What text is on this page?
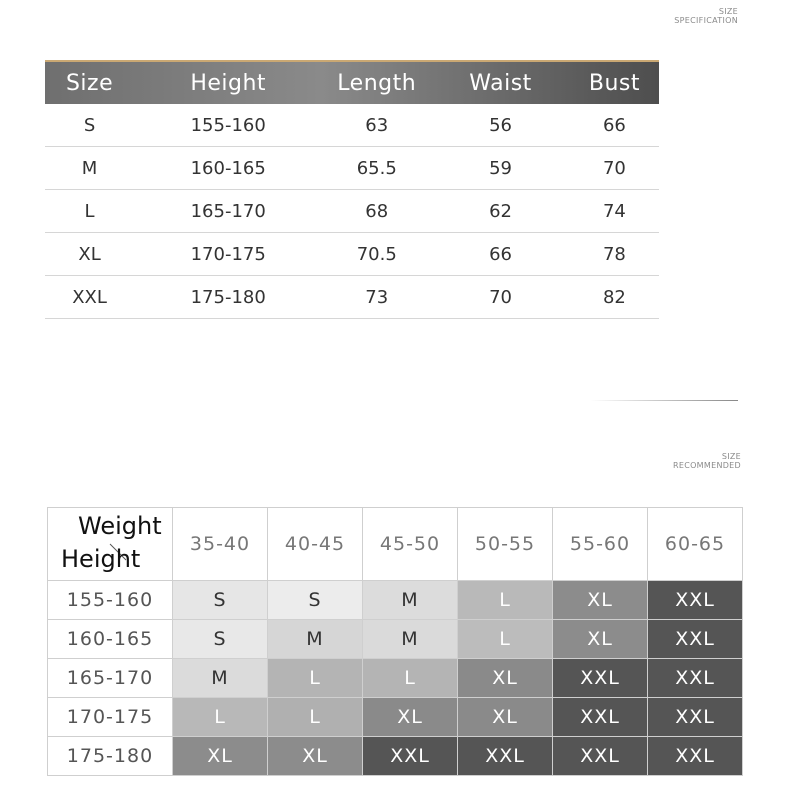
SIZE
SPECIFICATION
Size	Height	Length	Waist	Bust
S	155-160	63	56	66
M	160-165	65.5	59	70
L	165-170	68	62	74
XL	170-175	70.5	66	78
XXL	175-180	73	70	82
SIZE
RECOMMENDED
Weight
Height	35-40	40-45	45-50	50-55	55-60	60-65
155-160	S	S	M	L	XL	XXL
160-165	S	M	M	L	XL	XXL
165-170	M	L	L	XL	XXL	XXL
170-175	L	L	XL	XL	XXL	XXL
175-180	XL	XL	XXL	XXL	XXL	XXL
